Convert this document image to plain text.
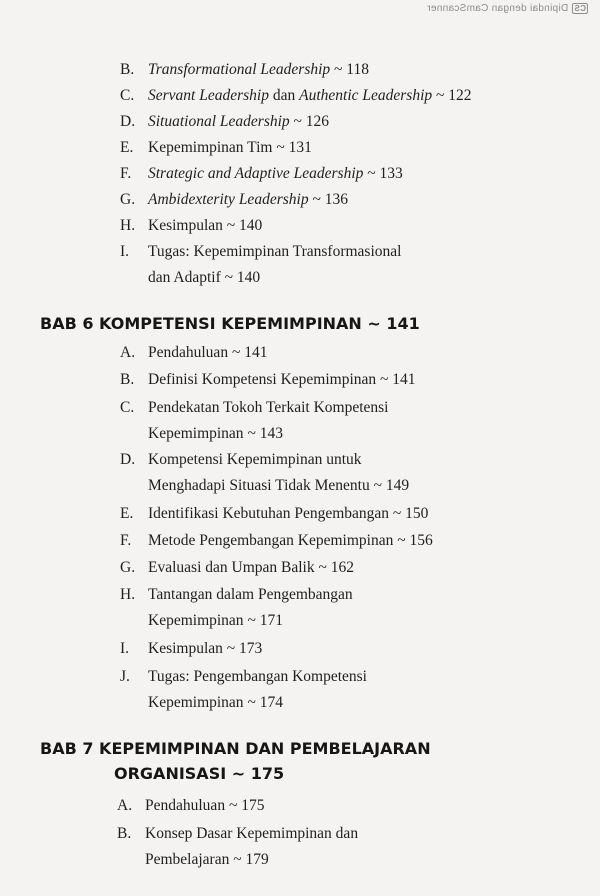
CS
Dipindai dengan CamScanner
B. Transformational Leadership ~ 118
C. Servant Leadership dan Authentic Leadership ~ 122
D. Situational Leadership ~ 126
E. Kepemimpinan Tim ~ 131
F. Strategic and Adaptive Leadership ~ 133
G. Ambidexterity Leadership ~ 136
H. Kesimpulan ~ 140
I. Tugas: Kepemimpinan Transformasional
dan Adaptif ~ 140
BAB 6 KOMPETENSI KEPEMIMPINAN ~ 141
A. Pendahuluan ~ 141
B. Definisi Kompetensi Kepemimpinan ~ 141
C. Pendekatan Tokoh Terkait Kompetensi
Kepemimpinan ~ 143
D. Kompetensi Kepemimpinan untuk
Menghadapi Situasi Tidak Menentu ~ 149
E. Identifikasi Kebutuhan Pengembangan ~ 150
F. Metode Pengembangan Kepemimpinan ~ 156
G. Evaluasi dan Umpan Balik ~ 162
H. Tantangan dalam Pengembangan
Kepemimpinan ~ 171
I. Kesimpulan ~ 173
J. Tugas: Pengembangan Kompetensi
Kepemimpinan ~ 174
BAB 7 KEPEMIMPINAN DAN PEMBELAJARAN
ORGANISASI ~ 175
A. Pendahuluan ~ 175
B. Konsep Dasar Kepemimpinan dan
Pembelajaran ~ 179
